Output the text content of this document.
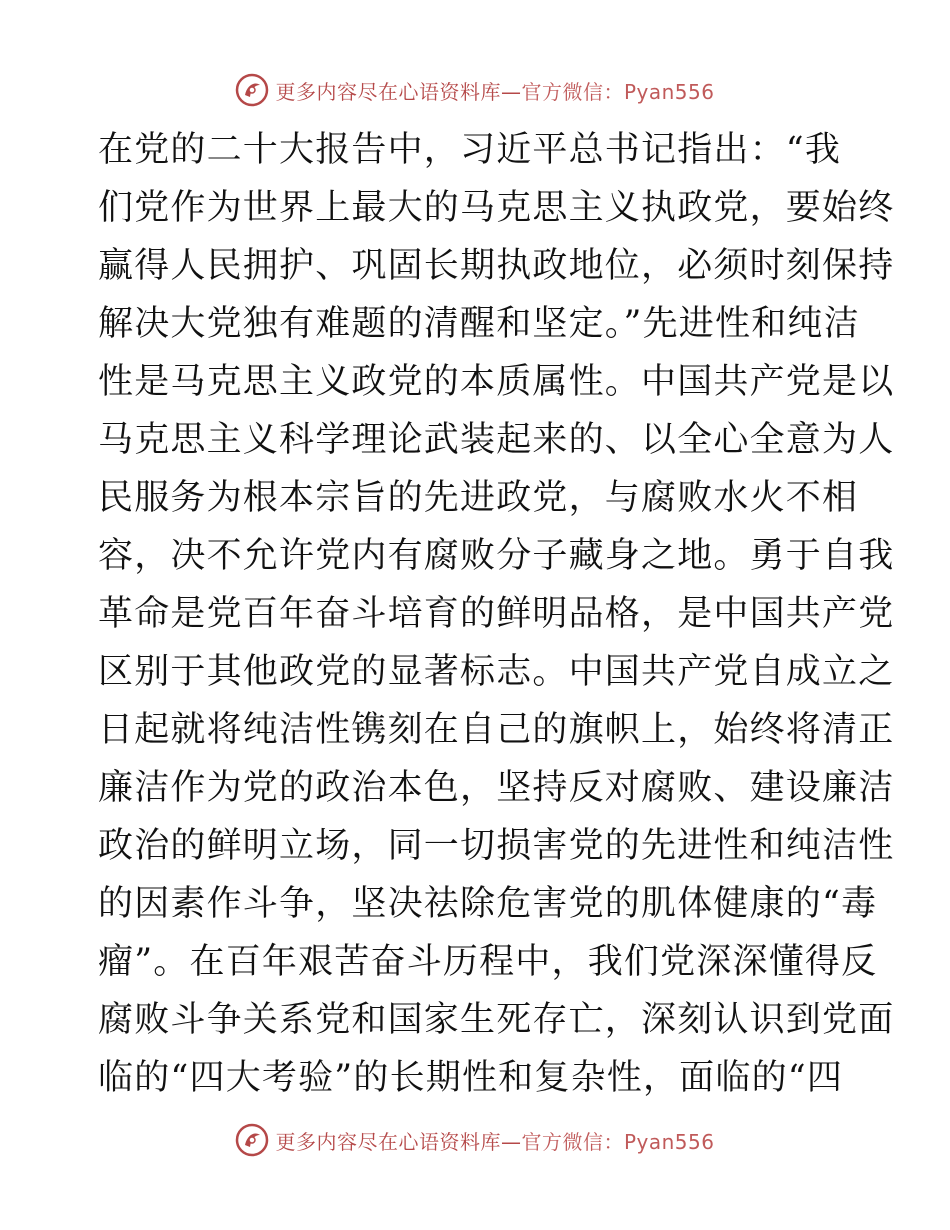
更多内容尽在心语资料库—官方微信：Pyan556
在党的二十大报告中，习近平总书记指出：“我
们党作为世界上最大的马克思主义执政党，要始终
赢得人民拥护、巩固长期执政地位，必须时刻保持
解决大党独有难题的清醒和坚定。”先进性和纯洁
性是马克思主义政党的本质属性。中国共产党是以
马克思主义科学理论武装起来的、以全心全意为人
民服务为根本宗旨的先进政党，与腐败水火不相
容，决不允许党内有腐败分子藏身之地。勇于自我
革命是党百年奋斗培育的鲜明品格，是中国共产党
区别于其他政党的显著标志。中国共产党自成立之
日起就将纯洁性镌刻在自己的旗帜上，始终将清正
廉洁作为党的政治本色，坚持反对腐败、建设廉洁
政治的鲜明立场，同一切损害党的先进性和纯洁性
的因素作斗争，坚决祛除危害党的肌体健康的“毒
瘤”。在百年艰苦奋斗历程中，我们党深深懂得反
腐败斗争关系党和国家生死存亡，深刻认识到党面
临的“四大考验”的长期性和复杂性，面临的“四
更多内容尽在心语资料库—官方微信：Pyan556
